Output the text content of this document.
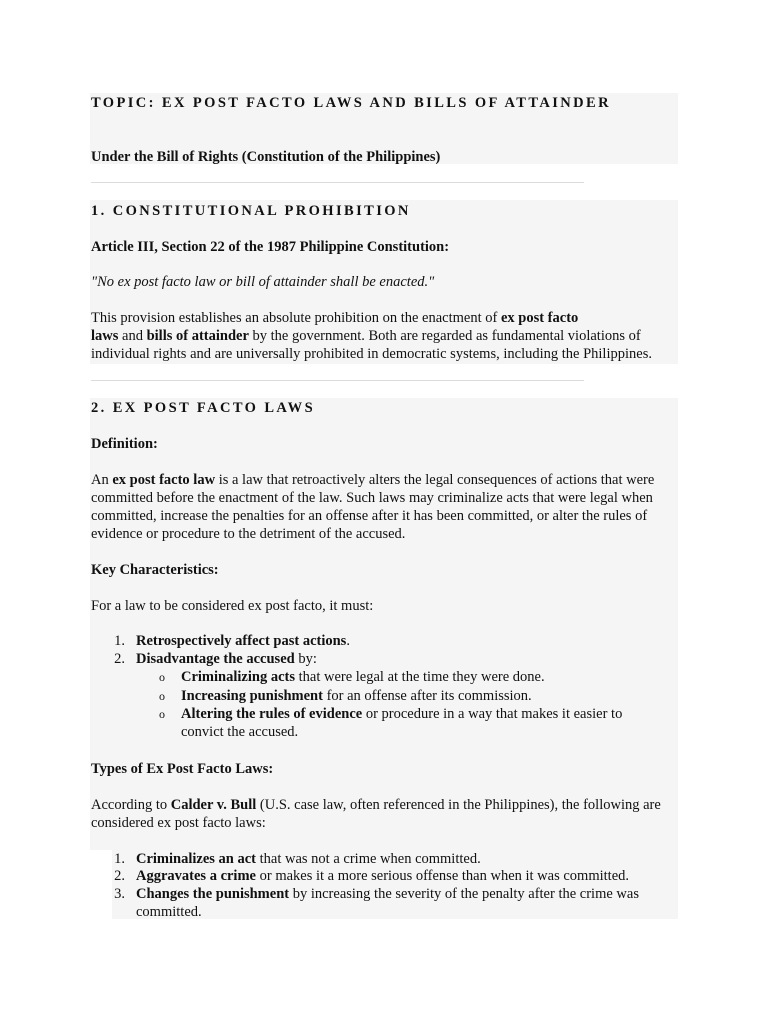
TOPIC: EX POST FACTO LAWS AND BILLS OF ATTAINDER
Under the Bill of Rights (Constitution of the Philippines)
1. CONSTITUTIONAL PROHIBITION
Article III, Section 22 of the 1987 Philippine Constitution:
"No ex post facto law or bill of attainder shall be enacted."
This provision establishes an absolute prohibition on the enactment of ex post facto
laws and bills of attainder by the government. Both are regarded as fundamental violations of individual rights and are universally prohibited in democratic systems, including the Philippines.
2. EX POST FACTO LAWS
Definition:
An ex post facto law is a law that retroactively alters the legal consequences of actions that were committed before the enactment of the law. Such laws may criminalize acts that were legal when committed, increase the penalties for an offense after it has been committed, or alter the rules of evidence or procedure to the detriment of the accused.
Key Characteristics:
For a law to be considered ex post facto, it must:
1. Retrospectively affect past actions.
2. Disadvantage the accused by:
o Criminalizing acts that were legal at the time they were done.
o Increasing punishment for an offense after its commission.
o Altering the rules of evidence or procedure in a way that makes it easier to convict the accused.
Types of Ex Post Facto Laws:
According to Calder v. Bull (U.S. case law, often referenced in the Philippines), the following are considered ex post facto laws:
1. Criminalizes an act that was not a crime when committed.
2. Aggravates a crime or makes it a more serious offense than when it was committed.
3. Changes the punishment by increasing the severity of the penalty after the crime was committed.
